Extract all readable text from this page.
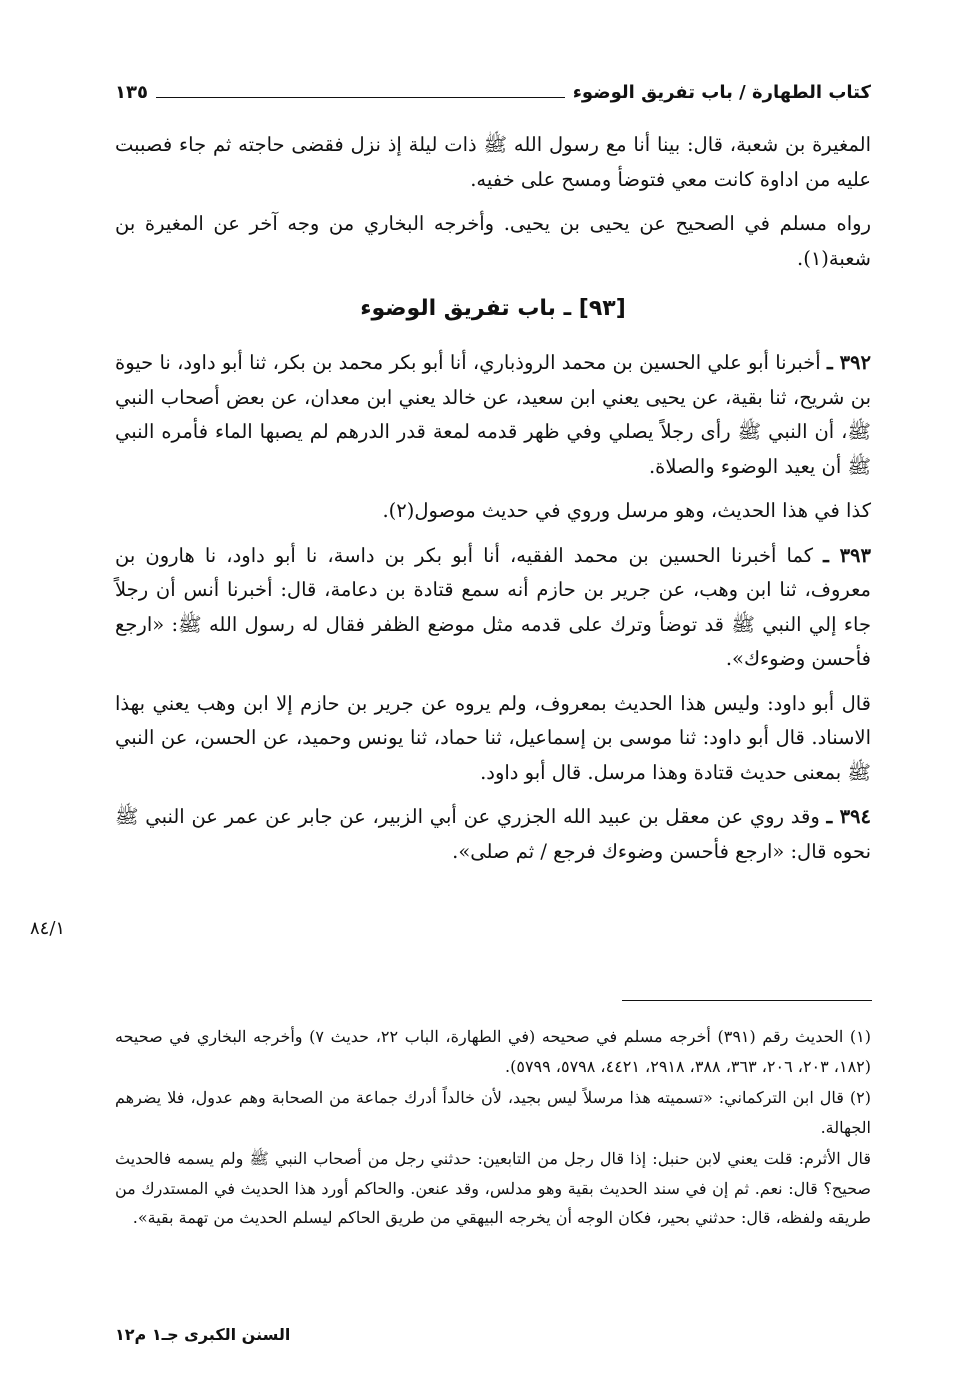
كتاب الطهارة / باب تفريق الوضوء
١٣٥

المغيرة بن شعبة، قال: بينا أنا مع رسول الله ﷺ ذات ليلة إذ نزل فقضى حاجته ثم جاء فصببت عليه من اداوة كانت معي فتوضأ ومسح على خفيه.

رواه مسلم في الصحيح عن يحيى بن يحيى. وأخرجه البخاري من وجه آخر عن المغيرة بن شعبة(١).

[٩٣] ـ باب تفريق الوضوء

٣٩٢ ـ أخبرنا أبو علي الحسين بن محمد الروذباري، أنا أبو بكر محمد بن بكر، ثنا أبو داود، نا حيوة بن شريح، ثنا بقية، عن يحيى يعني ابن سعيد، عن خالد يعني ابن معدان، عن بعض أصحاب النبي ﷺ، أن النبي ﷺ رأى رجلاً يصلي وفي ظهر قدمه لمعة قدر الدرهم لم يصبها الماء فأمره النبي ﷺ أن يعيد الوضوء والصلاة.

كذا في هذا الحديث، وهو مرسل وروي في حديث موصول(٢).

٣٩٣ ـ كما أخبرنا الحسين بن محمد الفقيه، أنا أبو بكر بن داسة، نا أبو داود، نا هارون بن معروف، ثنا ابن وهب، عن جرير بن حازم أنه سمع قتادة بن دعامة، قال: أخبرنا أنس أن رجلاً جاء إلي النبي ﷺ قد توضأ وترك على قدمه مثل موضع الظفر فقال له رسول الله ﷺ: «ارجع فأحسن وضوءك».

قال أبو داود: وليس هذا الحديث بمعروف، ولم يروه عن جرير بن حازم إلا ابن وهب يعني بهذا الاسناد. قال أبو داود: ثنا موسى بن إسماعيل، ثنا حماد، ثنا يونس وحميد، عن الحسن، عن النبي ﷺ بمعنى حديث قتادة وهذا مرسل. قال أبو داود.

٣٩٤ ـ وقد روي عن معقل بن عبيد الله الجزري عن أبي الزبير، عن جابر عن عمر عن النبي ﷺ نحوه قال: «ارجع فأحسن وضوءك فرجع / ثم صلى».

٨٤/١

(١) الحديث رقم (٣٩١) أخرجه مسلم في صحيحه (في الطهارة، الباب ٢٢، حديث ٧) وأخرجه البخاري في صحيحه (١٨٢، ٢٠٣، ٢٠٦، ٣٦٣، ٣٨٨، ٢٩١٨، ٤٤٢١، ٥٧٩٨، ٥٧٩٩).

(٢) قال ابن التركماني: «تسميته هذا مرسلاً ليس بجيد، لأن خالداً أدرك جماعة من الصحابة وهم عدول، فلا يضرهم الجهالة.

قال الأثرم: قلت يعني لابن حنبل: إذا قال رجل من التابعين: حدثني رجل من أصحاب النبي ﷺ ولم يسمه فالحديث صحيح؟ قال: نعم. ثم إن في سند الحديث بقية وهو مدلس، وقد عنعن. والحاكم أورد هذا الحديث في المستدرك من طريقه ولفظه، قال: حدثني بحير، فكان الوجه أن يخرجه البيهقي من طريق الحاكم ليسلم الحديث من تهمة بقية».

السنن الكبرى جـ١ م١٢
